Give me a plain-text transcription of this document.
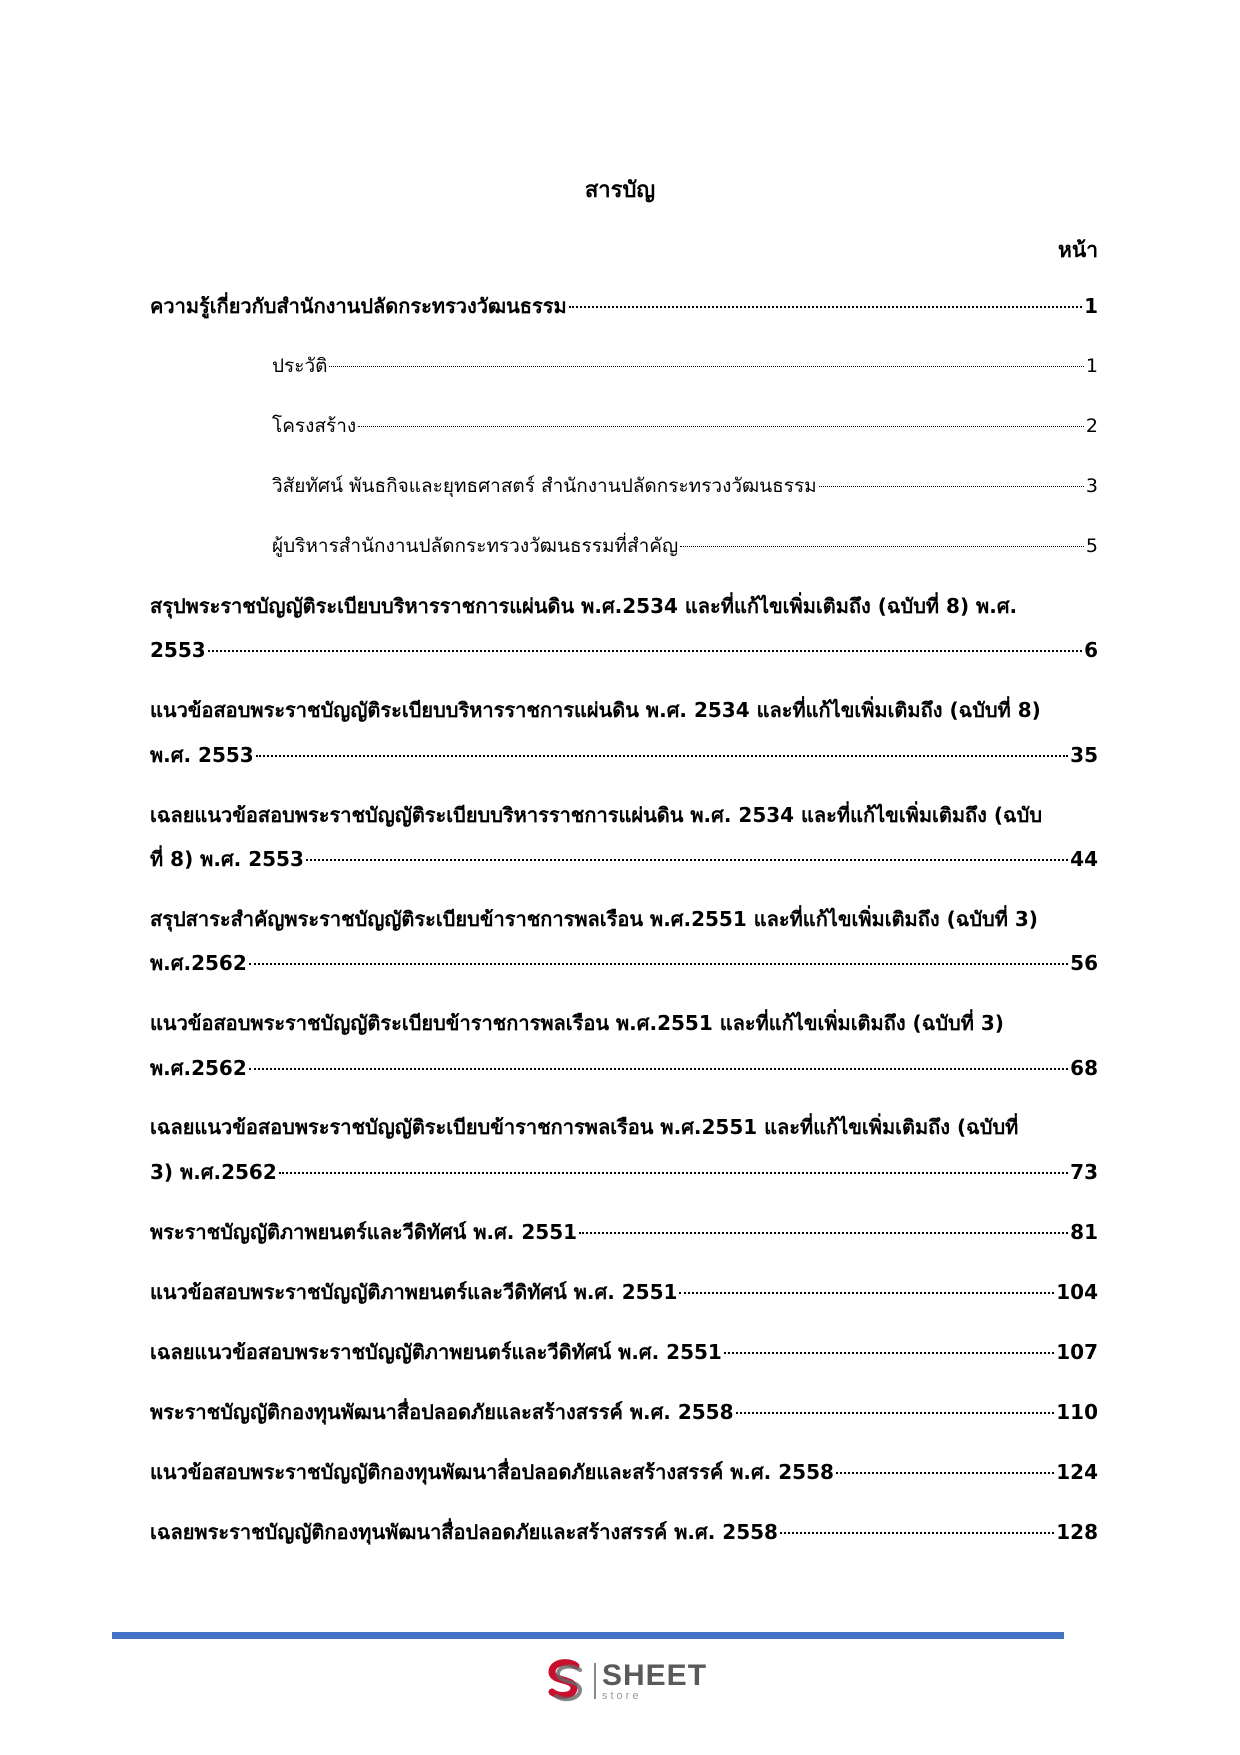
สารบัญ
หน้า
ความรู้เกี่ยวกับสำนักงานปลัดกระทรวงวัฒนธรรม	1
ประวัติ	1
โครงสร้าง	2
วิสัยทัศน์ พันธกิจและยุทธศาสตร์ สำนักงานปลัดกระทรวงวัฒนธรรม	3
ผู้บริหารสำนักงานปลัดกระทรวงวัฒนธรรมที่สำคัญ	5
สรุปพระราชบัญญัติระเบียบบริหารราชการแผ่นดิน พ.ศ.2534 และที่แก้ไขเพิ่มเติมถึง (ฉบับที่ 8) พ.ศ.
2553	6
แนวข้อสอบพระราชบัญญัติระเบียบบริหารราชการแผ่นดิน พ.ศ. 2534 และที่แก้ไขเพิ่มเติมถึง (ฉบับที่ 8)
พ.ศ. 2553	35
เฉลยแนวข้อสอบพระราชบัญญัติระเบียบบริหารราชการแผ่นดิน พ.ศ. 2534 และที่แก้ไขเพิ่มเติมถึง (ฉบับ
ที่ 8) พ.ศ. 2553	44
สรุปสาระสำคัญพระราชบัญญัติระเบียบข้าราชการพลเรือน พ.ศ.2551 และที่แก้ไขเพิ่มเติมถึง (ฉบับที่ 3)
พ.ศ.2562	56
แนวข้อสอบพระราชบัญญัติระเบียบข้าราชการพลเรือน พ.ศ.2551 และที่แก้ไขเพิ่มเติมถึง (ฉบับที่ 3)
พ.ศ.2562	68
เฉลยแนวข้อสอบพระราชบัญญัติระเบียบข้าราชการพลเรือน พ.ศ.2551 และที่แก้ไขเพิ่มเติมถึง (ฉบับที่
3) พ.ศ.2562	73
พระราชบัญญัติภาพยนตร์และวีดิทัศน์ พ.ศ. 2551	81
แนวข้อสอบพระราชบัญญัติภาพยนตร์และวีดิทัศน์ พ.ศ. 2551	104
เฉลยแนวข้อสอบพระราชบัญญัติภาพยนตร์และวีดิทัศน์ พ.ศ. 2551	107
พระราชบัญญัติกองทุนพัฒนาสื่อปลอดภัยและสร้างสรรค์ พ.ศ. 2558	110
แนวข้อสอบพระราชบัญญัติกองทุนพัฒนาสื่อปลอดภัยและสร้างสรรค์ พ.ศ. 2558	124
เฉลยพระราชบัญญัติกองทุนพัฒนาสื่อปลอดภัยและสร้างสรรค์ พ.ศ. 2558	128
SHEET
store
